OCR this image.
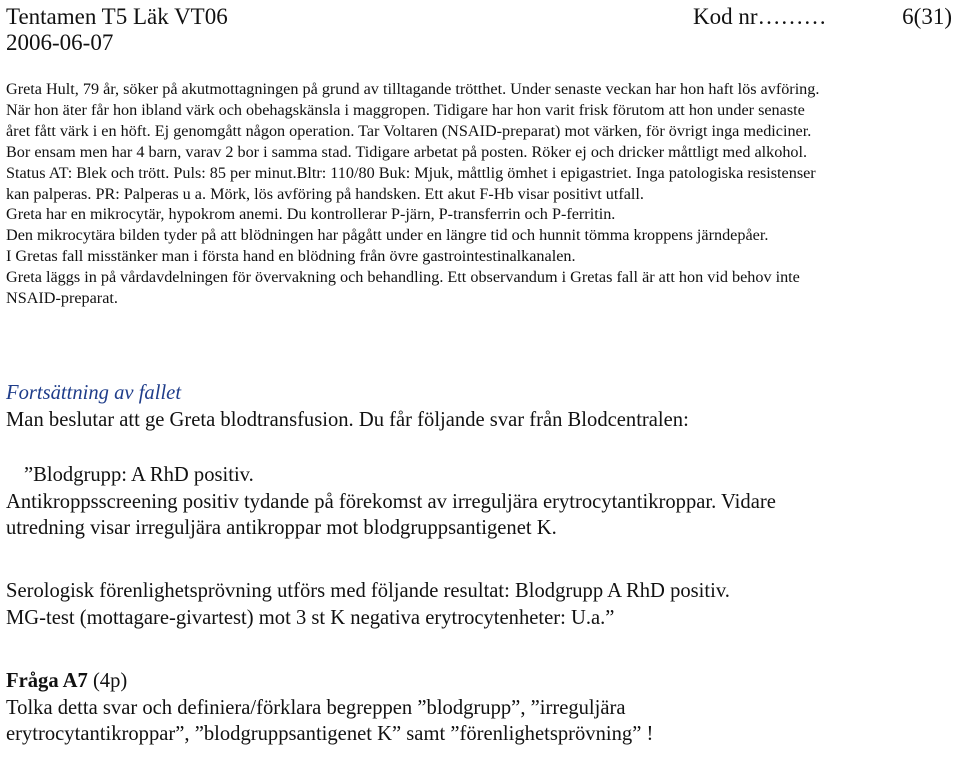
Tentamen T5 Läk VT06
2006-06-07
Kod nr………	6(31)

Greta Hult, 79 år, söker på akutmottagningen på grund av tilltagande trötthet. Under senaste veckan har hon haft lös avföring.

När hon äter får hon ibland värk och obehagskänsla i maggropen. Tidigare har hon varit frisk förutom att hon under senaste

året fått värk i en höft. Ej genomgått någon operation. Tar Voltaren (NSAID-preparat) mot värken, för övrigt inga mediciner.

Bor ensam men har 4 barn, varav 2 bor i samma stad. Tidigare arbetat på posten. Röker ej och dricker måttligt med alkohol.

Status AT: Blek och trött. Puls: 85 per minut.Bltr: 110/80 Buk: Mjuk, måttlig ömhet i epigastriet. Inga patologiska resistenser

kan palperas. PR: Palperas u a. Mörk, lös avföring på handsken. Ett akut F-Hb visar positivt utfall.

Greta har en mikrocytär, hypokrom anemi. Du kontrollerar P-järn, P-transferrin och P-ferritin.

Den mikrocytära bilden tyder på att blödningen har pågått under en längre tid och hunnit tömma kroppens järndepåer.

I Gretas fall misstänker man i första hand en blödning från övre gastrointestinalkanalen.

Greta läggs in på vårdavdelningen för övervakning och behandling. Ett observandum i Gretas fall är att hon vid behov inte

NSAID-preparat.

Fortsättning av fallet
Man beslutar att ge Greta blodtransfusion. Du får följande svar från Blodcentralen:

”Blodgrupp: A RhD positiv.

Antikroppsscreening positiv tydande på förekomst av irreguljära erytrocytantikroppar. Vidare

utredning visar irreguljära antikroppar mot blodgruppsantigenet K.

Serologisk förenlighetsprövning utförs med följande resultat: Blodgrupp A RhD positiv.

MG-test (mottagare-givartest) mot 3 st K negativa erytrocytenheter: U.a.”

Fråga A7 (4p)

Tolka detta svar och definiera/förklara begreppen ”blodgrupp”, ”irreguljära

erytrocytantikroppar”, ”blodgruppsantigenet K” samt ”förenlighetsprövning” !
